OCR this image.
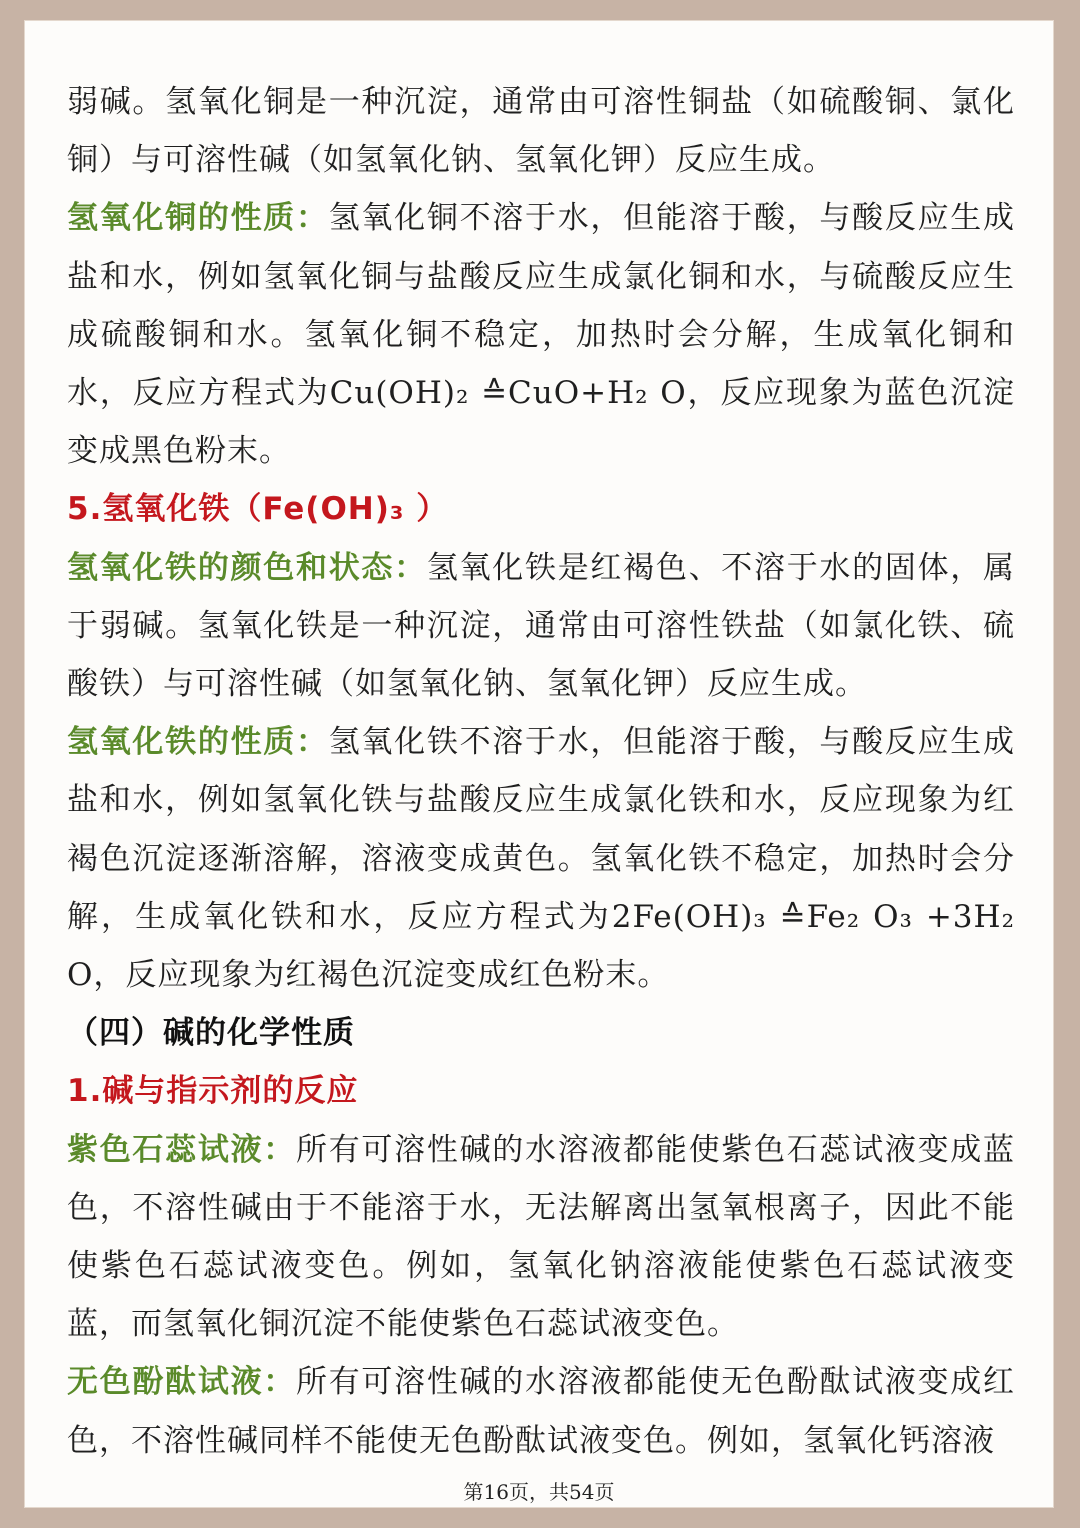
弱碱。氢氧化铜是一种沉淀，通常由可溶性铜盐（如硫酸铜、氯化铜）与可溶性碱（如氢氧化钠、氢氧化钾）反应生成。

氢氧化铜的性质：氢氧化铜不溶于水，但能溶于酸，与酸反应生成盐和水，例如氢氧化铜与盐酸反应生成氯化铜和水，与硫酸反应生成硫酸铜和水。氢氧化铜不稳定，加热时会分解，生成氧化铜和水，反应方程式为Cu(OH)₂ ≙CuO+H₂ O，反应现象为蓝色沉淀变成黑色粉末。

5.氢氧化铁（Fe(OH)₃ ）

氢氧化铁的颜色和状态：氢氧化铁是红褐色、不溶于水的固体，属于弱碱。氢氧化铁是一种沉淀，通常由可溶性铁盐（如氯化铁、硫酸铁）与可溶性碱（如氢氧化钠、氢氧化钾）反应生成。

氢氧化铁的性质：氢氧化铁不溶于水，但能溶于酸，与酸反应生成盐和水，例如氢氧化铁与盐酸反应生成氯化铁和水，反应现象为红褐色沉淀逐渐溶解，溶液变成黄色。氢氧化铁不稳定，加热时会分解，生成氧化铁和水，反应方程式为2Fe(OH)₃ ≙Fe₂ O₃ +3H₂ O，反应现象为红褐色沉淀变成红色粉末。

（四）碱的化学性质

1.碱与指示剂的反应

紫色石蕊试液：所有可溶性碱的水溶液都能使紫色石蕊试液变成蓝色，不溶性碱由于不能溶于水，无法解离出氢氧根离子，因此不能使紫色石蕊试液变色。例如，氢氧化钠溶液能使紫色石蕊试液变蓝，而氢氧化铜沉淀不能使紫色石蕊试液变色。

无色酚酞试液：所有可溶性碱的水溶液都能使无色酚酞试液变成红色，不溶性碱同样不能使无色酚酞试液变色。例如，氢氧化钙溶液

第16页，共54页
